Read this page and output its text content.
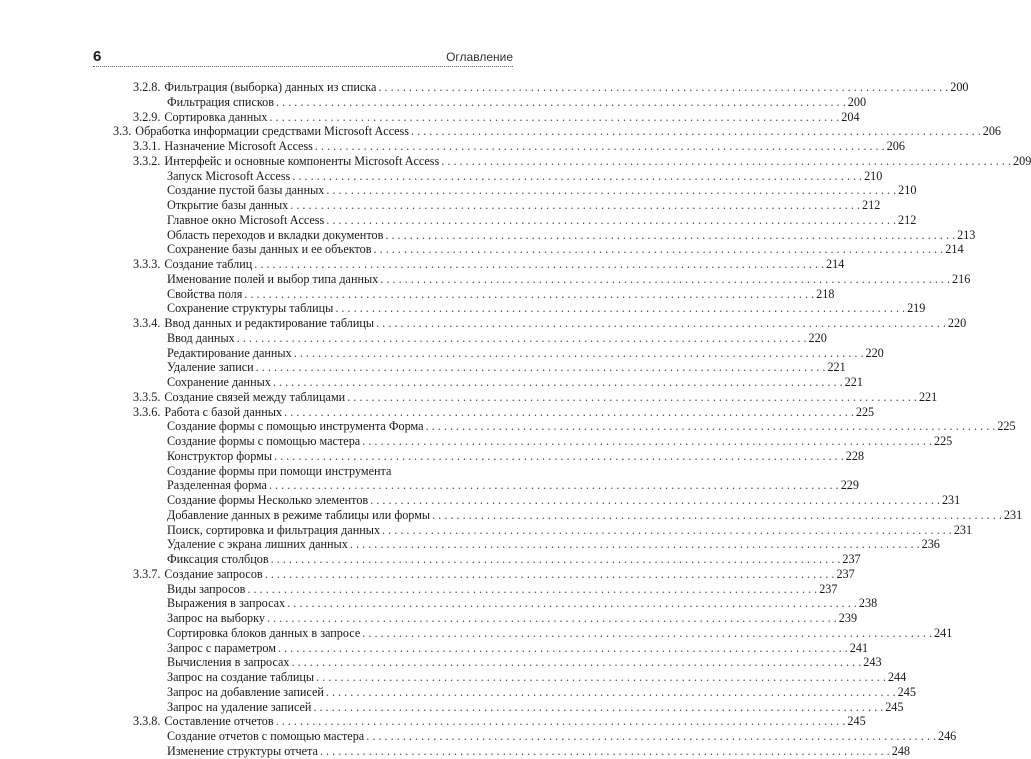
6	Оглавление
3.2.8. Фильтрация (выборка) данных из списка . . .	200
Фильтрация списков . . .	200
3.2.9. Сортировка данных . . .	204
3.3. Обработка информации средствами Microsoft Access . . .	206
3.3.1. Назначение Microsoft Access . . .	206
3.3.2. Интерфейс и основные компоненты Microsoft Access . . .	209
Запуск Microsoft Access . . .	210
Создание пустой базы данных . . .	210
Открытие базы данных . . .	212
Главное окно Microsoft Access . . .	212
Область переходов и вкладки документов . . .	213
Сохранение базы данных и ее объектов . . .	214
3.3.3. Создание таблиц . . .	214
Именование полей и выбор типа данных . . .	216
Свойства поля . . .	218
Сохранение структуры таблицы . . .	219
3.3.4. Ввод данных и редактирование таблицы . . .	220
Ввод данных . . .	220
Редактирование данных . . .	220
Удаление записи . . .	221
Сохранение данных . . .	221
3.3.5. Создание связей между таблицами . . .	221
3.3.6. Работа с базой данных . . .	225
Создание формы с помощью инструмента Форма . . .	225
Создание формы с помощью мастера . . .	225
Конструктор формы . . .	228
Создание формы при помощи инструмента
Разделенная форма . . .	229
Создание формы Несколько элементов . . .	231
Добавление данных в режиме таблицы или формы . . .	231
Поиск, сортировка и фильтрация данных . . .	231
Удаление с экрана лишних данных . . .	236
Фиксация столбцов . . .	237
3.3.7. Создание запросов . . .	237
Виды запросов . . .	237
Выражения в запросах . . .	238
Запрос на выборку . . .	239
Сортировка блоков данных в запросе . . .	241
Запрос с параметром . . .	241
Вычисления в запросах . . .	243
Запрос на создание таблицы . . .	244
Запрос на добавление записей . . .	245
Запрос на удаление записей . . .	245
3.3.8. Составление отчетов . . .	245
Создание отчетов с помощью мастера . . .	246
Изменение структуры отчета . . .	248
